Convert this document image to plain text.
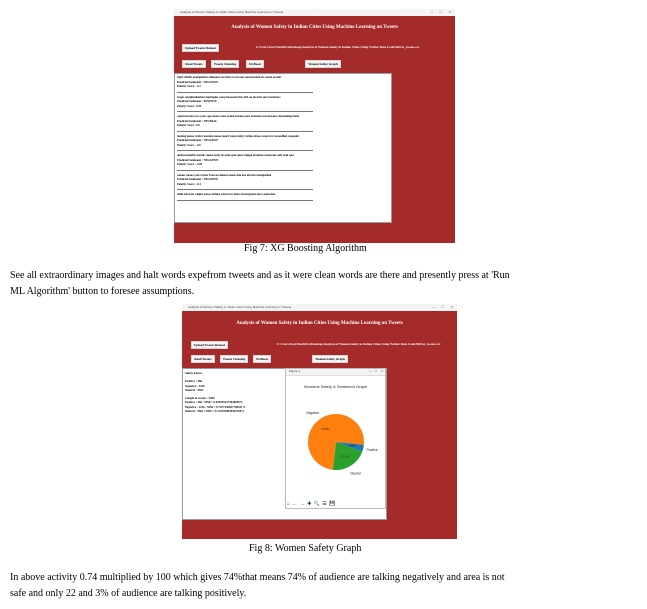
Analysis of Women Safety in Indian Cities Using Machine Learning on Tweets	– □ ×
Analysis of Women Safety in Indian Cities Using Machine Learning on Tweets
Upload Tweets Dataset	C:/Users/User/OneDrive/Desktop/Analysis of Women Safety in Indian Cities Using Twitter Data Code/MrFox_tweets.csv
Read Tweets	Tweets Cleaning	XGBoost	Women Saftey Graph
right rebuffs manipulative dishonest secretive sworn out concentrated on sexual assault
Predicted Sentiment : NEGATIVE
Polarity Score : -0.2
tragic cumplicidenthere hashtaghe camp basement this stiff see favorite mn translators
Predicted Sentiment : POSITIVE
Polarity Score : 0.05
captured noise two years ago metoo woke action because part national consciousness demanding better
Predicted Sentiment : NEUTRAL
Polarity Score : 0.0
fanning metoo twitter mention metoo heard voices belgy victims abuse come forw unsanified compaint
Predicted Sentiment : NEGATIVE
Polarity Score : -0.6
understandably mouths metoo body tie wide open must trigged absolute restaurant staff read spot
Predicted Sentiment : NEGATIVE
Polarity Score : -0.05
sameer metoo your twitter browser defend attack side live abstract handpicked
Predicted Sentiment : NEGATIVE
Polarity Score : -0.4
child advocate weighs metoo fashion school sex abuse investigation also connection
Fig 7: XG Boosting Algorithm
See all extraordinary images and halt words expefrom tweets and as it were clean words are there and presently press at 'Run
ML Algorithm' button to foresee assumptions.
Analysis of Women Safety in Indian Cities Using Machine Learning on Tweets	– □ ×
Analysis of Women Safety in Indian Cities Using Machine Learning on Tweets
Upload Tweets Dataset	C:/Users/User/OneDrive/Desktop/Analysis of Women Safety in Indian Cities Using Twitter Data Code/MrFox_tweets.csv
Read Tweets	Tweets Cleaning	XGBoost	Women Saftey Graph
Safety Factor

Positive : 466
Negative : 2226
Neutral : 2502

Length of tweets : 5956
Positive : 466 / 5956 = 0.0395952373646099%
Negative : 2226 / 5956 = 0.7477436047798321%
Neutral : 2502 / 5956 = 0.2125920830367928%
Figure 1	– □ ×
Womens Safety & Sentiment Graph
Positive
4.0%
Negative
74.8%
Neutral
21.2%
⌂ ← → ✚ 🔍 ☰ 💾
Fig 8: Women Safety Graph
In above activity 0.74 multiplied by 100 which gives 74%that means 74% of audience are talking negatively and area is not
safe and only 22 and 3% of audience are talking positively.
